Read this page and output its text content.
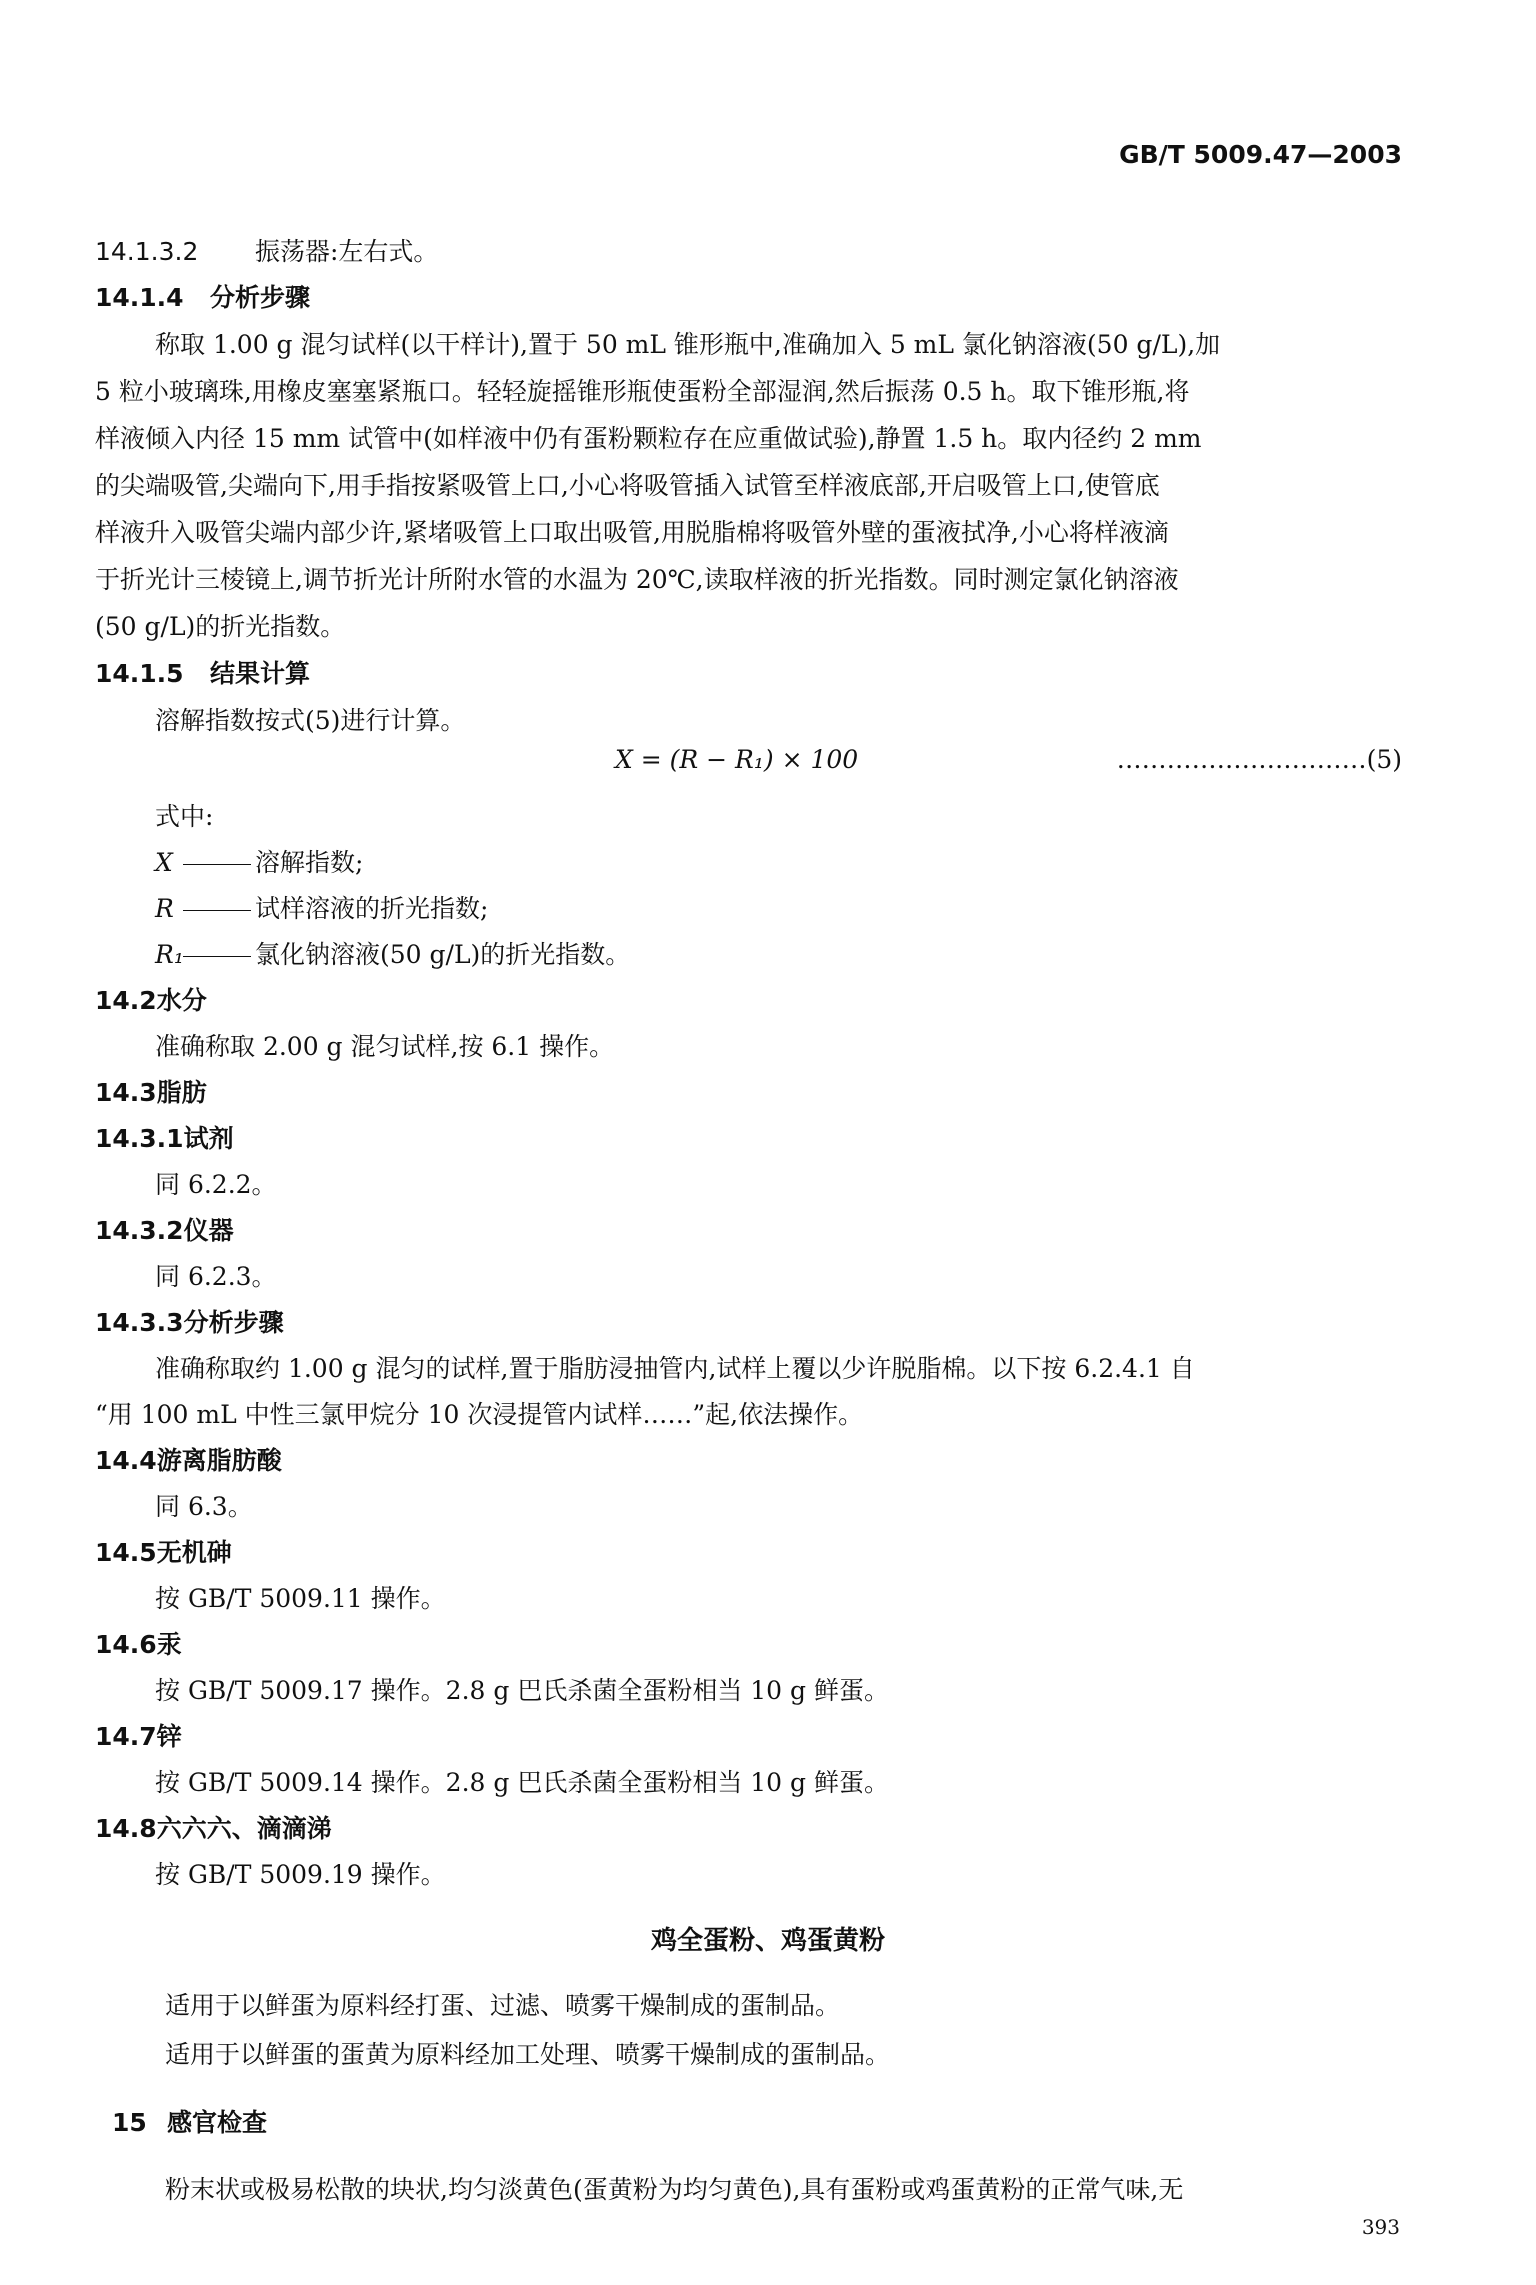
GB/T 5009.47—2003
14.1.3.2 振荡器:左右式。
14.1.4 分析步骤
称取 1.00 g 混匀试样(以干样计),置于 50 mL 锥形瓶中,准确加入 5 mL 氯化钠溶液(50 g/L),加
5 粒小玻璃珠,用橡皮塞塞紧瓶口。轻轻旋摇锥形瓶使蛋粉全部湿润,然后振荡 0.5 h。取下锥形瓶,将
样液倾入内径 15 mm 试管中(如样液中仍有蛋粉颗粒存在应重做试验),静置 1.5 h。取内径约 2 mm
的尖端吸管,尖端向下,用手指按紧吸管上口,小心将吸管插入试管至样液底部,开启吸管上口,使管底
样液升入吸管尖端内部少许,紧堵吸管上口取出吸管,用脱脂棉将吸管外壁的蛋液拭净,小心将样液滴
于折光计三棱镜上,调节折光计所附水管的水温为 20℃,读取样液的折光指数。同时测定氯化钠溶液
(50 g/L)的折光指数。
14.1.5 结果计算
溶解指数按式(5)进行计算。
X = (R − R₁) × 100	…………………………(5)
式中:
X	溶解指数;
R	试样溶液的折光指数;
R₁	氯化钠溶液(50 g/L)的折光指数。
14.2水分
准确称取 2.00 g 混匀试样,按 6.1 操作。
14.3脂肪
14.3.1试剂
同 6.2.2。
14.3.2仪器
同 6.2.3。
14.3.3分析步骤
准确称取约 1.00 g 混匀的试样,置于脂肪浸抽管内,试样上覆以少许脱脂棉。以下按 6.2.4.1 自
“用 100 mL 中性三氯甲烷分 10 次浸提管内试样……”起,依法操作。
14.4游离脂肪酸
同 6.3。
14.5无机砷
按 GB/T 5009.11 操作。
14.6汞
按 GB/T 5009.17 操作。2.8 g 巴氏杀菌全蛋粉相当 10 g 鲜蛋。
14.7锌
按 GB/T 5009.14 操作。2.8 g 巴氏杀菌全蛋粉相当 10 g 鲜蛋。
14.8六六六、滴滴涕
按 GB/T 5009.19 操作。
鸡全蛋粉、鸡蛋黄粉
适用于以鲜蛋为原料经打蛋、过滤、喷雾干燥制成的蛋制品。
适用于以鲜蛋的蛋黄为原料经加工处理、喷雾干燥制成的蛋制品。
15 感官检查
粉末状或极易松散的块状,均匀淡黄色(蛋黄粉为均匀黄色),具有蛋粉或鸡蛋黄粉的正常气味,无
393
